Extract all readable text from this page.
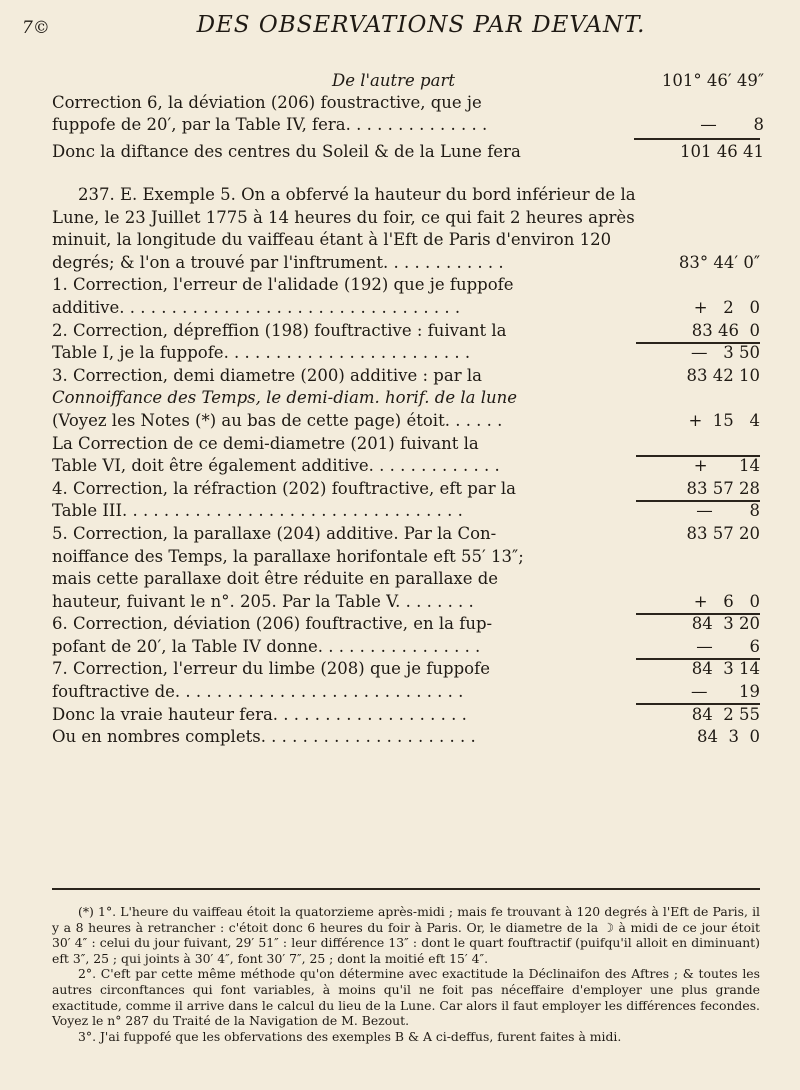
7©	DES OBSERVATIONS PAR DEVANT.
De l'autre part	101° 46′ 49″
Correction 6, la déviation (206) foustractive, que je
fuppofe de 20′, par la Table IV, fera. . . . . . . . . . . . . .	—       8
Donc la diftance des centres du Soleil & de la Lune fera	101 46 41

237. E. Exemple 5. On a obfervé la hauteur du bord inférieur de la

Lune, le 23 Juillet 1775 à 14 heures du foir, ce qui fait 2 heures après

minuit, la longitude du vaiffeau étant à l'Eft de Paris d'environ 120

degrés; & l'on a trouvé par l'inftrument. . . . . . . . . . . .	83° 44′ 0″
1. Correction, l'erreur de l'alidade (192) que je fuppofe
additive. . . . . . . . . . . . . . . . . . . . . . . . . . . . . . . . .	+   2   0
2. Correction, dépreffion (198) fouftractive : fuivant la	83 46  0
Table I, je la fuppofe. . . . . . . . . . . . . . . . . . . . . . . .	—   3 50
3. Correction, demi diametre (200) additive : par la	83 42 10
Connoiffance des Temps, le demi-diam. horif. de la lune
(Voyez les Notes (*) au bas de cette page) étoit. . . . . .	+  15   4
La Correction de ce demi-diametre (201) fuivant la
Table VI, doit être également additive. . . . . . . . . . . . .	+      14
4. Correction, la réfraction (202) fouftractive, eft par la	83 57 28
Table III. . . . . . . . . . . . . . . . . . . . . . . . . . . . . . . . .	—       8
5. Correction, la parallaxe (204) additive. Par la Con-	83 57 20
noiffance des Temps, la parallaxe horifontale eft 55′ 13″;
mais cette parallaxe doit être réduite en parallaxe de
hauteur, fuivant le n°. 205. Par la Table V. . . . . . . .	+   6   0
6. Correction, déviation (206) fouftractive, en la fup-	84  3 20
pofant de 20′, la Table IV donne. . . . . . . . . . . . . . . .	—       6
7. Correction, l'erreur du limbe (208) que je fuppofe	84  3 14
fouftractive de. . . . . . . . . . . . . . . . . . . . . . . . . . . .	—      19
Donc la vraie hauteur fera. . . . . . . . . . . . . . . . . . .	84  2 55
Ou en nombres complets. . . . . . . . . . . . . . . . . . . . .	84  3  0

(*) 1°. L'heure du vaiffeau étoit la quatorzieme après-midi ; mais fe trouvant à 120 degrés à l'Eft de Paris, il y a 8 heures à retrancher : c'étoit donc 6 heures du foir à Paris. Or, le diametre de la ☽ à midi de ce jour étoit 30′ 4″ : celui du jour fuivant, 29′ 51″ : leur différence 13″ : dont le quart fouftractif (puifqu'il alloit en diminuant) eft 3″, 25 ; qui joints à 30′ 4″, font 30′ 7″, 25 ; dont la moitié eft 15′ 4″.

2°. C'eft par cette même méthode qu'on détermine avec exactitude la Déclinaifon des Aftres ; & toutes les autres circonftances qui font variables, à moins qu'il ne foit pas néceffaire d'employer une plus grande exactitude, comme il arrive dans le calcul du lieu de la Lune. Car alors il faut employer les différences fecondes. Voyez le n° 287 du Traité de la Navigation de M. Bezout.

3°. J'ai fuppofé que les obfervations des exemples B & A ci-deffus, furent faites à midi.
